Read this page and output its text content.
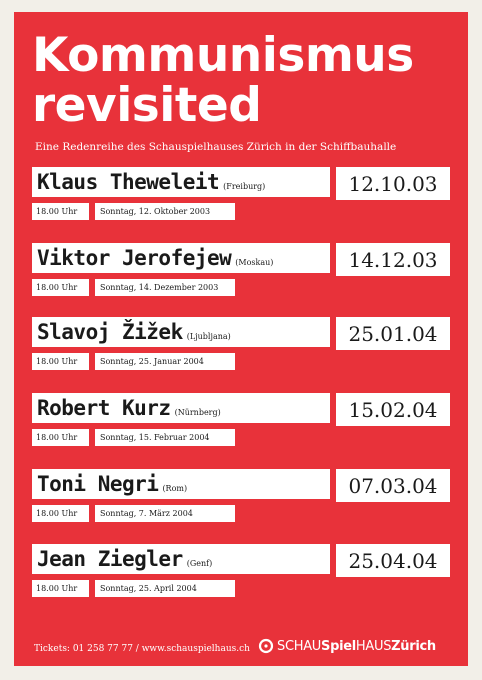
Kommunismus
revisited
Eine Redenreihe des Schauspielhauses Zürich in der Schiffbauhalle
Klaus Theweleit (Freiburg)	12.10.03
18.00 Uhr	Sonntag, 12. Oktober 2003
Viktor Jerofejew (Moskau)	14.12.03
18.00 Uhr	Sonntag, 14. Dezember 2003
Slavoj Žižek (Ljubljana)	25.01.04
18.00 Uhr	Sonntag, 25. Januar 2004
Robert Kurz (Nürnberg)	15.02.04
18.00 Uhr	Sonntag, 15. Februar 2004
Toni Negri (Rom)	07.03.04
18.00 Uhr	Sonntag, 7. März 2004
Jean Ziegler (Genf)	25.04.04
18.00 Uhr	Sonntag, 25. April 2004
Tickets: 01 258 77 77 / www.schauspielhaus.ch SCHAU Spiel HAUS Zürich
